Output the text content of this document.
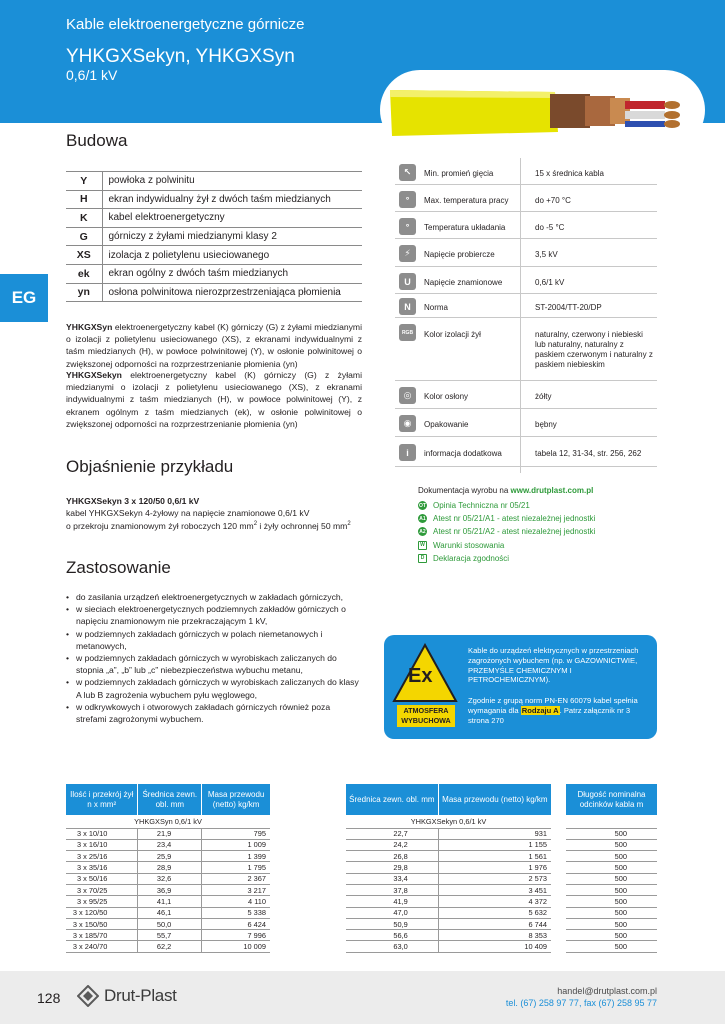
Kable elektroenergetyczne górnicze
YHKGXSekyn, YHKGXSyn
0,6/1 kV
EG
Budowa
Y	powłoka z polwinitu
H	ekran indywidualny żył z dwóch taśm miedzianych
K	kabel elektroenergetyczny
G	górniczy z żyłami miedzianymi klasy 2
XS	izolacja z polietylenu usieciowanego
ek	ekran ogólny z dwóch taśm miedzianych
yn	osłona polwinitowa nierozprzestrzeniająca płomienia
YHKGXSyn elektroenergetyczny kabel (K) górniczy (G) z żyłami miedzianymi o izolacji z polietylenu usieciowanego (XS), z ekranami indywidualnymi z taśm miedzianych (H), w powłoce polwinitowej (Y), w osłonie polwinitowej o zwiększonej odporności na rozprzestrzenianie płomienia (yn)
YHKGXSekyn elektroenergetyczny kabel (K) górniczy (G) z żyłami miedzianymi o izolacji z polietylenu usieciowanego (XS), z ekranami indywidualnymi z taśm miedzianych (H), w powłoce polwinitowej (Y), z ekranem ogólnym z taśm miedzianych (ek), w osłonie polwinitowej o zwiększonej odporności na rozprzestrzenianie płomienia (yn)
Objaśnienie przykładu
YHKGXSekyn 3 x 120/50 0,6/1 kV
kabel YHKGXSekyn 4-żyłowy na napięcie znamionowe 0,6/1 kV
o przekroju znamionowym żył roboczych 120 $mm^2$ i żyły ochronnej 50 $mm^2$
Zastosowanie
• do zasilania urządzeń elektroenergetycznych w zakładach górniczych,
• w sieciach elektroenergetycznych podziemnych zakładów górniczych o napięciu znamionowym nie przekraczającym 1 kV,
• w podziemnych zakładach górniczych w polach niemetanowych i metanowych,
• w podziemnych zakładach górniczych w wyrobiskach zaliczanych do stopnia „a”, „b” lub „c” niebezpieczeństwa wybuchu metanu,
• w podziemnych zakładach górniczych w wyrobiskach zaliczanych do klasy A lub B zagrożenia wybuchem pyłu węglowego,
• w odkrywkowych i otworowych zakładach górniczych również poza strefami zagrożonymi wybuchem.
↖	Min. promień gięcia	15 x średnica kabla
°	Max. temperatura pracy	do +70 °C
°	Temperatura układania	do -5 °C
⚡	Napięcie probiercze	3,5 kV
U	Napięcie znamionowe	0,6/1 kV
N	Norma	ST-2004/TT-20/DP
RGB	Kolor izolacji żył	naturalny, czerwony i niebieski lub naturalny, naturalny z paskiem czerwonym i naturalny z paskiem niebieskim
◎	Kolor osłony	żółty
◉	Opakowanie	bębny
i	informacja dodatkowa	tabela 12, 31-34, str. 256, 262
Dokumentacja wyrobu na www.drutplast.com.pl
OT Opinia Techniczna nr 05/21
A1 Atest nr 05/21/A1 - atest niezależnej jednostki
A2 Atest nr 05/21/A2 - atest niezależnej jednostki
W Warunki stosowania
D	Deklaracja zgodności
Ex
ATMOSFERA WYBUCHOWA
Kable do urządzeń elektrycznych w przestrzeniach zagrożonych wybuchem (np. w GAZOWNICTWIE, PRZEMYŚLE CHEMICZNYM I PETROCHEMICZNYM).
Zgodnie z grupą norm PN-EN 60079 kabel spełnia wymagania dla Rodzaju A. Patrz załącznik nr 3 strona 270
Ilość i przekrój żył n x mm²	Średnica zewn. obl. mm	Masa przewodu (netto) kg/km
YHKGXSyn 0,6/1 kV		
3 x 10/10	21,9	795
3 x 16/10	23,4	1 009
3 x 25/16	25,9	1 399
3 x 35/16	28,9	1 795
3 x 50/16	32,6	2 367
3 x 70/25	36,9	3 217
3 x 95/25	41,1	4 110
3 x 120/50	46,1	5 338
3 x 150/50	50,0	6 424
3 x 185/70	55,7	7 996
3 x 240/70	62,2	10 009
Średnica zewn. obl. mm	Masa przewodu (netto) kg/km
YHKGXSekyn 0,6/1 kV	
22,7	931
24,2	1 155
26,8	1 561
29,8	1 976
33,4	2 573
37,8	3 451
41,9	4 372
47,0	5 632
50,9	6 744
56,6	8 353
63,0	10 409
Długość nominalna odcinków kabla m

500
500
500
500
500
500
500
500
500
500
500
128	Drut-Plast	handel@drutplast.com.pl
tel. (67) 258 97 77, fax (67) 258 95 77
